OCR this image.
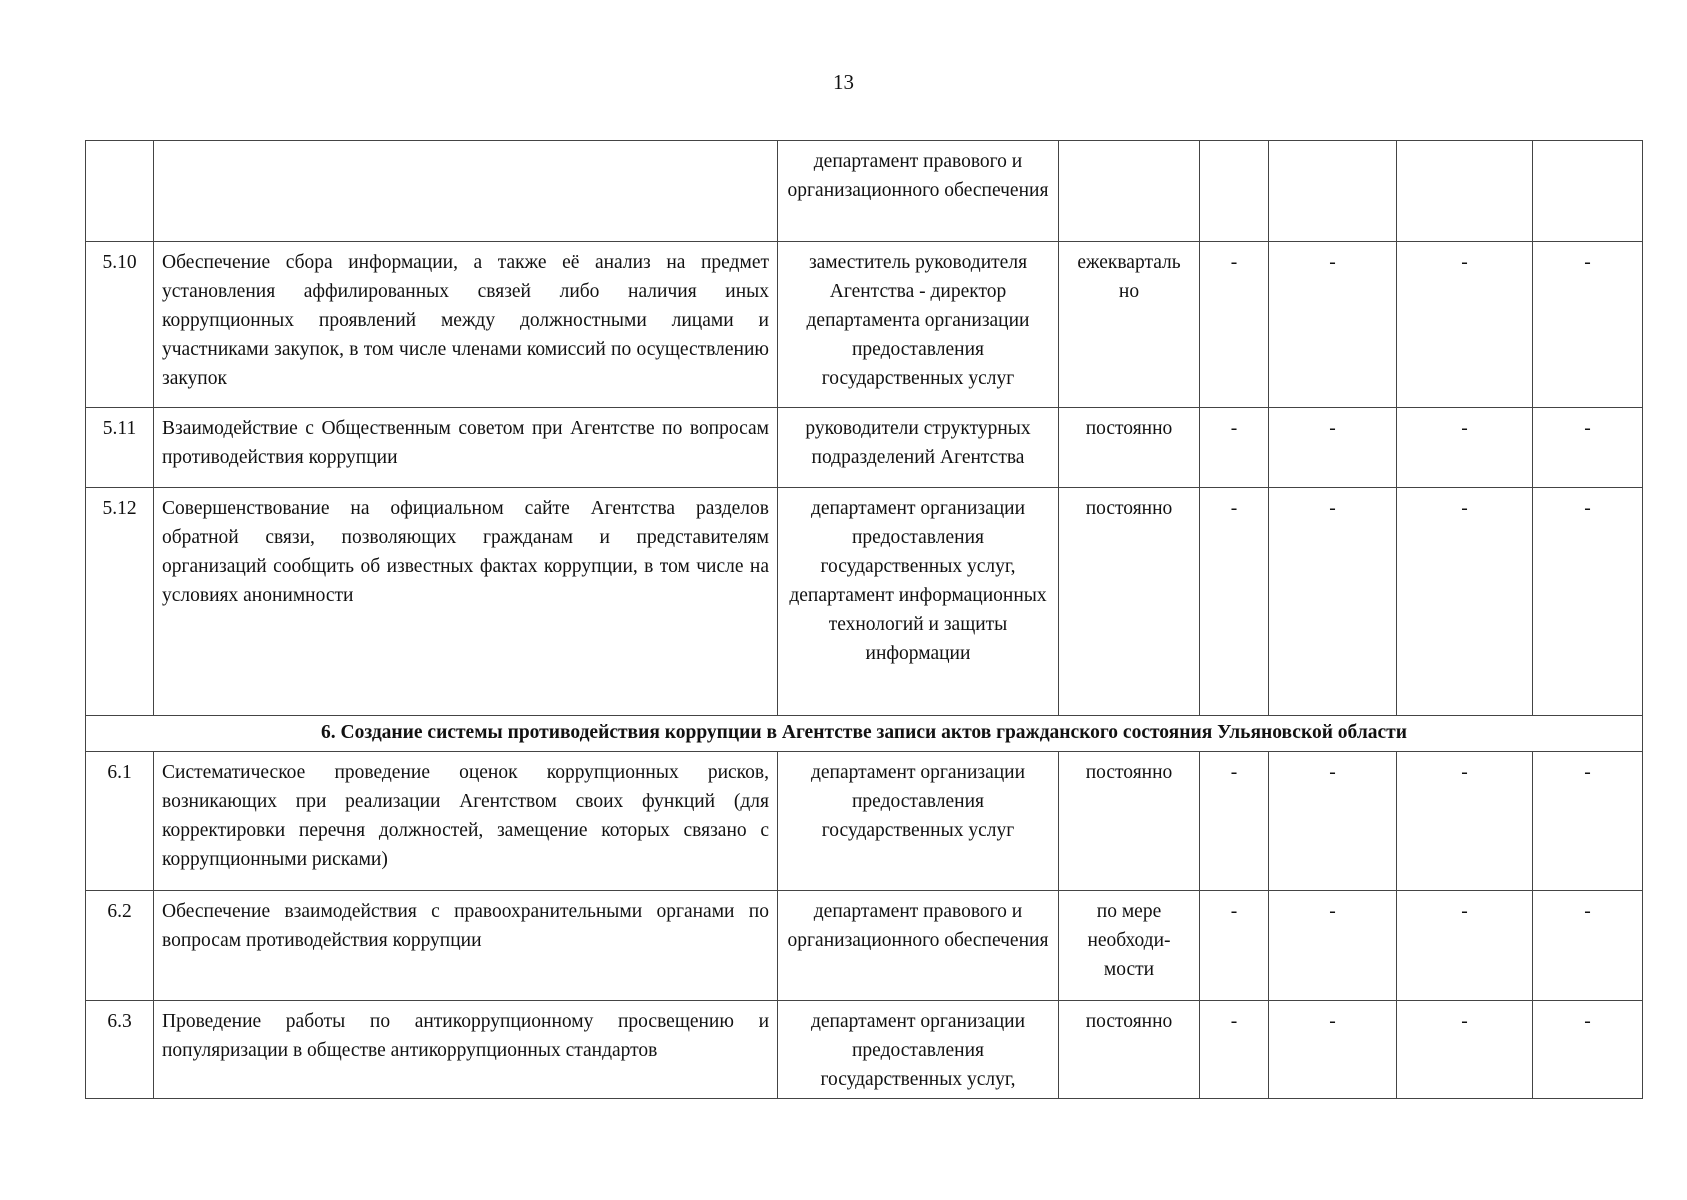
13
		департамент правового и организационного обеспечения					
5.10	Обеспечение сбора информации, а также её анализ на предмет установления аффилированных связей либо наличия иных коррупционных проявлений между должностными лицами и участниками закупок, в том числе членами комиссий по осуществлению закупок	заместитель руководителя Агентства - директор департамента организации предоставления государственных услуг	ежекварталь но	-	-	-	-
5.11	Взаимодействие с Общественным советом при Агентстве по вопросам противодействия коррупции	руководители структурных подразделений Агентства	постоянно	-	-	-	-
5.12	Совершенствование на официальном сайте Агентства разделов обратной связи, позволяющих гражданам и представителям организаций сообщить об известных фактах коррупции, в том числе на условиях анонимности	департамент организации предоставления государственных услуг, департамент информационных технологий и защиты информации	постоянно	-	-	-	-
6. Создание системы противодействия коррупции в Агентстве записи актов гражданского состояния Ульяновской области							
6.1	Систематическое проведение оценок коррупционных рисков, возникающих при реализации Агентством своих функций (для корректировки перечня должностей, замещение которых связано с коррупционными рисками)	департамент организации предоставления государственных услуг	постоянно	-	-	-	-
6.2	Обеспечение взаимодействия с правоохранительными органами по вопросам противодействия коррупции	департамент правового и организационного обеспечения	по мере необходи- мости	-	-	-	-
6.3	Проведение работы по антикоррупционному просвещению и популяризации в обществе антикоррупционных стандартов	департамент организации предоставления государственных услуг,	постоянно	-	-	-	-
